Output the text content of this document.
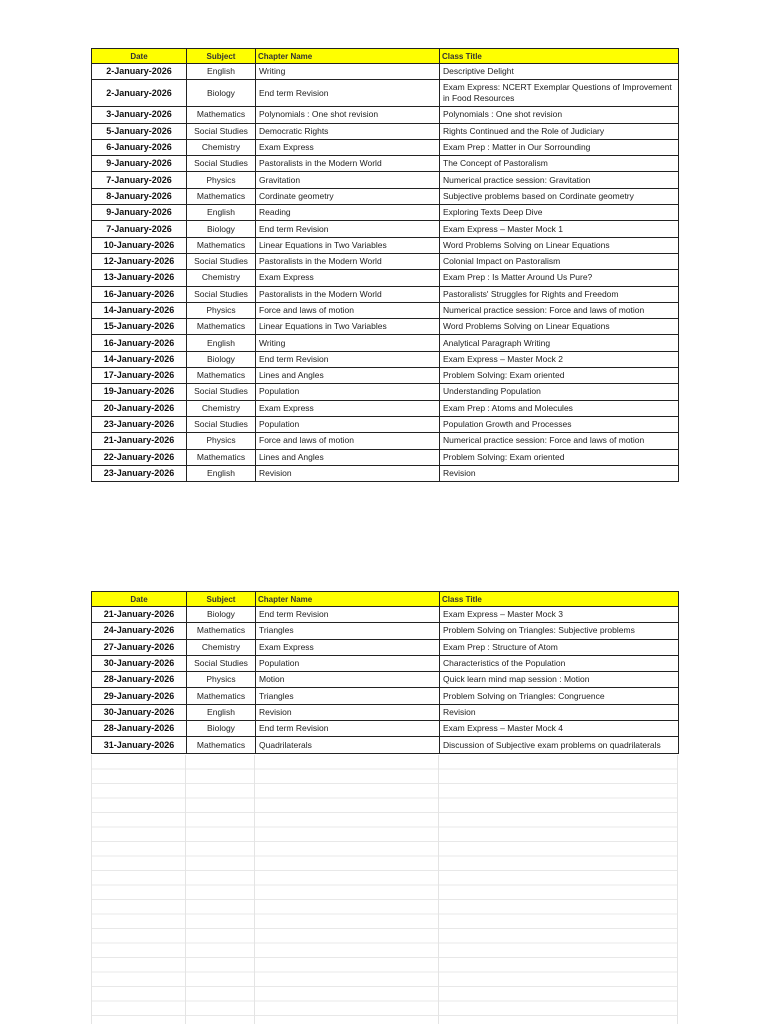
Date	Subject	Chapter Name	Class Title
2-January-2026	English	Writing	Descriptive Delight
2-January-2026	Biology	End term Revision	Exam Express: NCERT Exemplar Questions of Improvement in Food Resources
3-January-2026	Mathematics	Polynomials : One shot revision	Polynomials : One shot revision
5-January-2026	Social Studies	Democratic Rights	Rights Continued and the Role of Judiciary
6-January-2026	Chemistry	Exam Express	Exam Prep : Matter in Our Sorrounding
9-January-2026	Social Studies	Pastoralists in the Modern World	The Concept of Pastoralism
7-January-2026	Physics	Gravitation	Numerical practice session: Gravitation
8-January-2026	Mathematics	Cordinate geometry	Subjective problems based on Cordinate geometry
9-January-2026	English	Reading	Exploring Texts Deep Dive
7-January-2026	Biology	End term Revision	Exam Express – Master Mock 1
10-January-2026	Mathematics	Linear Equations in Two Variables	Word Problems Solving on Linear Equations
12-January-2026	Social Studies	Pastoralists in the Modern World	Colonial Impact on Pastoralism
13-January-2026	Chemistry	Exam Express	Exam Prep : Is Matter Around Us Pure?
16-January-2026	Social Studies	Pastoralists in the Modern World	Pastoralists' Struggles for Rights and Freedom
14-January-2026	Physics	Force and laws of motion	Numerical practice session: Force and laws of motion
15-January-2026	Mathematics	Linear Equations in Two Variables	Word Problems Solving on Linear Equations
16-January-2026	English	Writing	Analytical Paragraph Writing
14-January-2026	Biology	End term Revision	Exam Express – Master Mock 2
17-January-2026	Mathematics	Lines and Angles	Problem Solving: Exam oriented
19-January-2026	Social Studies	Population	Understanding Population
20-January-2026	Chemistry	Exam Express	Exam Prep : Atoms and Molecules
23-January-2026	Social Studies	Population	Population Growth and Processes
21-January-2026	Physics	Force and laws of motion	Numerical practice session: Force and laws of motion
22-January-2026	Mathematics	Lines and Angles	Problem Solving: Exam oriented
23-January-2026	English	Revision	Revision
Date	Subject	Chapter Name	Class Title
21-January-2026	Biology	End term Revision	Exam Express – Master Mock 3
24-January-2026	Mathematics	Triangles	Problem Solving on Triangles: Subjective problems
27-January-2026	Chemistry	Exam Express	Exam Prep : Structure of Atom
30-January-2026	Social Studies	Population	Characteristics of the Population
28-January-2026	Physics	Motion	Quick learn mind map session : Motion
29-January-2026	Mathematics	Triangles	Problem Solving on Triangles: Congruence
30-January-2026	English	Revision	Revision
28-January-2026	Biology	End term Revision	Exam Express – Master Mock 4
31-January-2026	Mathematics	Quadrilaterals	Discussion of Subjective exam problems on quadrilaterals
